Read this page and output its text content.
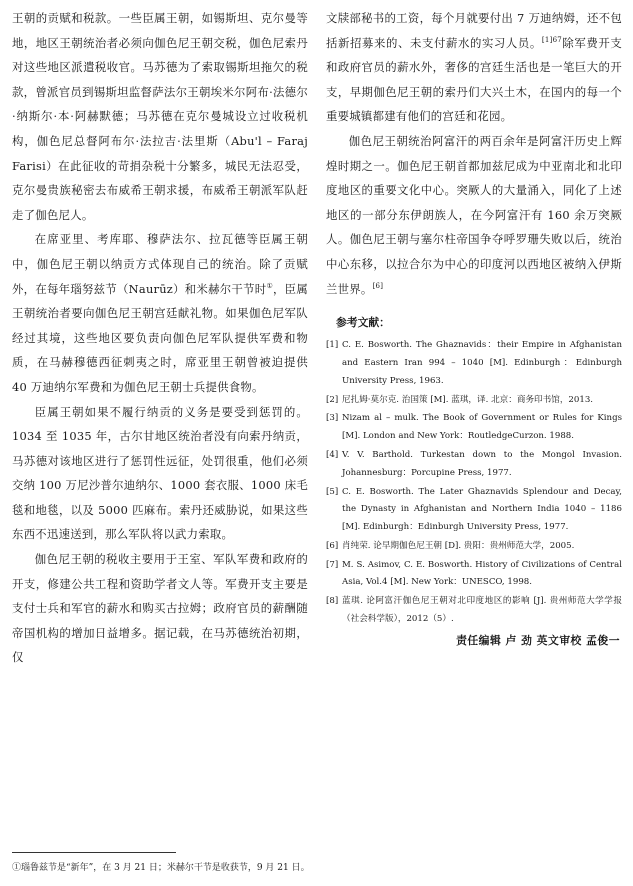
王朝的贡赋和税款。一些臣属王朝，如锡斯坦、克尔曼等地，地区王朝统治者必须向伽色尼王朝交税，伽色尼索丹对这些地区派遣税收官。马苏德为了索取锡斯坦拖欠的税款，曾派官员到锡斯坦监督萨法尔王朝埃米尔阿布·法德尔·纳斯尔·本·阿赫默德；马苏德在克尔曼城设立过收税机构，伽色尼总督阿布尔·法拉吉·法里斯（Abu'l – Faraj Farisi）在此征收的苛捐杂税十分繁多，城民无法忍受，克尔曼贵族秘密去布威希王朝求援，布威希王朝派军队赶走了伽色尼人。

在席亚里、考库耶、穆萨法尔、拉瓦德等臣属王朝中，伽色尼王朝以纳贡方式体现自己的统治。除了贡赋外，在每年瑙努兹节（Naurūz）和米赫尔干节时①，臣属王朝统治者要向伽色尼王朝宫廷献礼物。如果伽色尼军队经过其境，这些地区要负责向伽色尼军队提供军费和物质，在马赫穆德西征刺夷之时，席亚里王朝曾被迫提供 40 万迪纳尔军费和为伽色尼王朝士兵提供食物。

臣属王朝如果不履行纳贡的义务是要受到惩罚的。1034 至 1035 年，古尔甘地区统治者没有向索丹纳贡，马苏德对该地区进行了惩罚性远征，处罚很重，他们必须交纳 100 万尼沙普尔迪纳尔、1000 套衣服、1000 床毛毯和地毯，以及 5000 匹麻布。索丹还威胁说，如果这些东西不迅速送到，那么军队将以武力索取。

伽色尼王朝的税收主要用于王室、军队军费和政府的开支，修建公共工程和资助学者文人等。军费开支主要是支付士兵和军官的薪水和购买古拉姆；政府官员的薪酬随帝国机构的增加日益增多。据记载，在马苏德统治初期，仅

文牍部秘书的工资，每个月就要付出 7 万迪纳姆，还不包括新招募来的、未支付薪水的实习人员。$^{[1]67}$除军费开支和政府官员的薪水外，奢侈的宫廷生活也是一笔巨大的开支，早期伽色尼王朝的索丹们大兴土木，在国内的每一个重要城镇都建有他们的宫廷和花园。

伽色尼王朝统治阿富汗的两百余年是阿富汗历史上辉煌时期之一。伽色尼王朝首都加兹尼成为中亚南北和北印度地区的重要文化中心。突厥人的大量涌入，同化了上述地区的一部分东伊朗族人，在今阿富汗有 160 余万突厥人。伽色尼王朝与塞尔柱帝国争夺呼罗珊失败以后，统治中心东移，以拉合尔为中心的印度河以西地区被纳入伊斯兰世界。[6]

参考文献：
[1] C. E. Bosworth. The Ghaznavids：their Empire in Afghanistan and Eastern Iran 994 – 1040 [M]. Edinburgh：Edinburgh University Press, 1963.
[2] 尼扎姆·莫尔克. 治国策 [M]. 蓝琪，译. 北京：商务印书馆，2013.
[3] Nizam al – mulk. The Book of Government or Rules for Kings [M]. London and New York：RoutledgeCurzon. 1988.
[4] V. V. Barthold. Turkestan down to the Mongol Invasion. Johannesburg：Porcupine Press, 1977.
[5] C. E. Bosworth. The Later Ghaznavids Splendour and Decay, the Dynasty in Afghanistan and Northern India 1040 – 1186 [M]. Edinburgh：Edinburgh University Press, 1977.
[6] 肖纯荣. 论早期伽色尼王朝 [D]. 贵阳：贵州师范大学，2005.
[7] M. S. Asimov, C. E. Bosworth. History of Civilizations of Central Asia, Vol.4 [M]. New York：UNESCO, 1998.
[8] 蓝琪. 论阿富汗伽色尼王朝对北印度地区的影响 [J]. 贵州师范大学学报（社会科学版），2012（5）.
责任编辑 卢 劲 英文审校 孟俊一
①瑙鲁兹节是“新年”，在 3 月 21 日；米赫尔干节是收获节，9 月 21 日。
